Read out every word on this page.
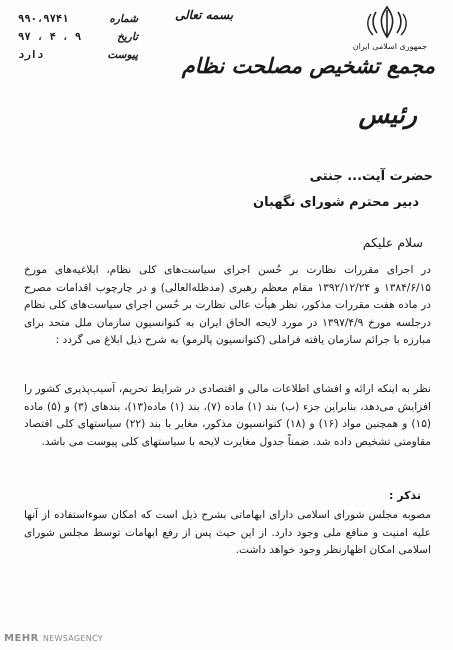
شماره
۹۹۰،۹۷۴۱
تاریخ
۹ ، ۴ ، ۹۷
پیوست
دارد
بسمه تعالی
جمهوری اسلامی ایران
مجمع تشخیص مصلحت نظام
رئیس
حضرت آیت... جنتی
دبیر محترم شورای نگهبان
سلام علیکم
در اجرای مقررات نظارت بر حُسن اجرای سیاست‌های کلی نظام، ابلاغیه‌های مورخ ۱۳۸۴/۶/۱۵ و ۱۳۹۲/۱۲/۲۴ مقام معظم رهبری (مدظله‌العالی) و در چارچوب اقدامات مصرح در ماده هفت مقررات مذکور، نظر هیأت عالی نظارت بر حُسن اجرای سیاست‌های کلی نظام درجلسه مورخ ۱۳۹۷/۴/۹ در مورد لایحه الحاق ایران به کنوانسیون سازمان ملل متحد برای مبارزه با جرائم سازمان یافته فراملی (کنوانسیون پالرمو) به شرح ذیل ابلاغ می گردد :
نظر به اینکه ارائه و افشای اطلاعات مالی و اقتصادی در شرایط تحریم، آسیب‌پذیری کشور را افزایش می‌دهد، بنابراین جزء (ب) بند (۱) ماده (۷)، بند (۱) ماده(۱۳)، بندهای (۳) و (۵) ماده (۱۵) و همچنین مواد (۱۶) و (۱۸) کنوانسیون مذکور، مغایر با بند (۲۲) سیاستهای کلی اقتصاد مقاومتی تشخیص داده شد. ضمناً جدول مغایرت لایحه با سیاستهای کلی پیوست می باشد.
تذکر :
مصوبه مجلس شورای اسلامی دارای ابهاماتی بشرح ذیل است که امکان سوءاستفاده از آنها علیه امنیت و منافع ملی وجود دارد. از این حیث پس از رفع ابهامات توسط مجلس شورای اسلامی امکان اظهارنظر وجود خواهد داشت.
MEHR NEWSAGENCY
